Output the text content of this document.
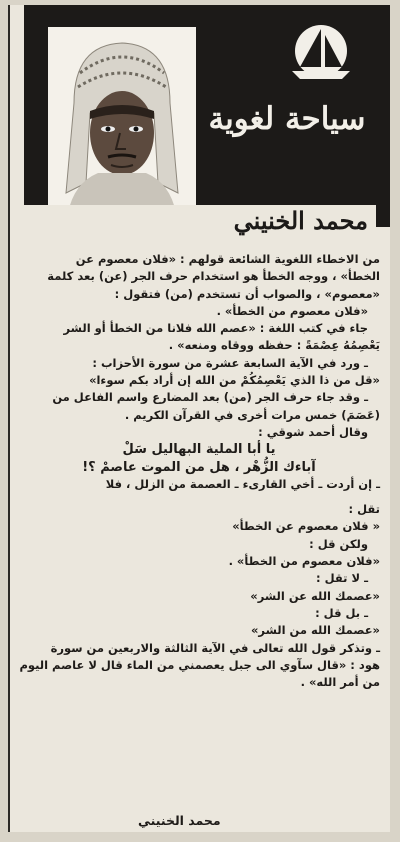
سياحة لغوية
محمد الخنيني

من الاخطاء اللغوية الشائعة قولهم : «فلان معصوم عن

الخطأ» ، ووجه الخطأ هو استخدام حرف الجر (عن) بعد كلمة

«معصوم» ، والصواب أن تستخدم (من) فتقول :

«فلان معصوم من الخطأ» .

جاء في كتب اللغة : «عصم الله فلانا من الخطأ أو الشر

يَعْصِمُهُ عِصْمَةً : حفظه ووقاه ومنعه» .

ـ ورد في الآية السابعة عشرة من سورة الأحزاب :

«قل من ذا الذي يَعْصِمُكُمْ من الله إن أراد بكم سوءا»

ـ وقد جاء حرف الجر (من) بعد المضارع واسم الفاعل من

(عَصَمَ) خمس مرات أخرى في القرآن الكريم .

وقال أحمد شوقي :

يا أبا الملية البهاليل سَلْ

آباءك الزُّهْر ، هل من الموت عاصمْ ؟!

ـ إن أردت ـ أخي القارىء ـ العصمة من الزلل ، فلا

تقل :

« فلان معصوم عن الخطأ»

ولكن قل :

«فلان معصوم من الخطأ» .

ـ لا تقل :

«عصمك الله عن الشر»

ـ بل قل :

«عصمك الله من الشر»

ـ وتذكر قول الله تعالى في الآية الثالثة والاربعين من سورة

هود : «قال سآوي الى جبل يعصمني من الماء قال لا عاصم اليوم

من أمر الله» .

محمد الخنيني
